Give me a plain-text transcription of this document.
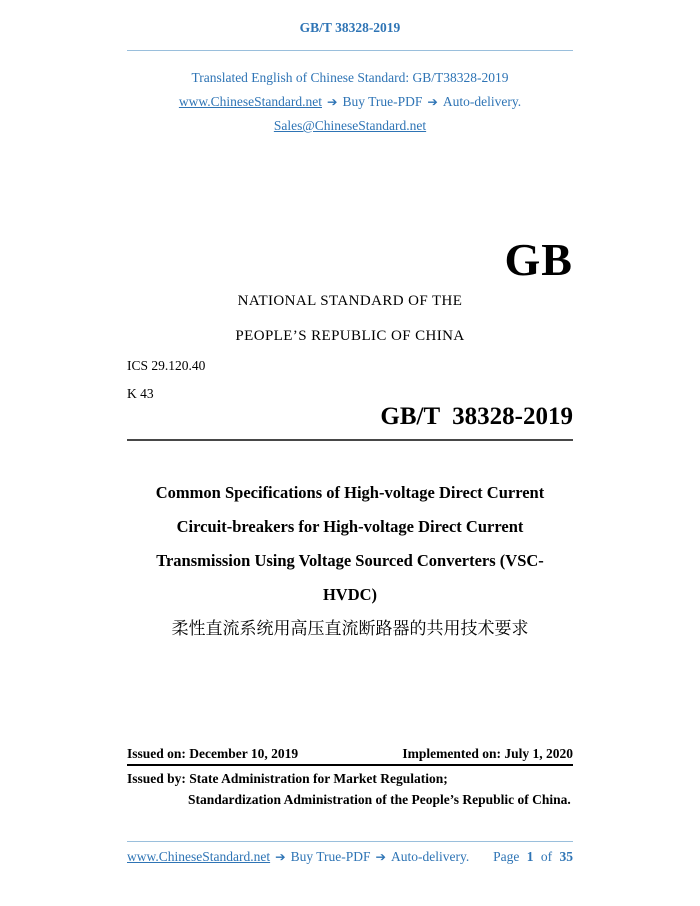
GB/T 38328-2019
Translated English of Chinese Standard: GB/T38328-2019
www.ChineseStandard.net ➔ Buy True-PDF ➔ Auto-delivery.
Sales@ChineseStandard.net
GB
NATIONAL STANDARD OF THE
PEOPLE’S REPUBLIC OF CHINA
ICS 29.120.40
K 43
GB/T  38328-2019
Common Specifications of High-voltage Direct Current
Circuit-breakers for High-voltage Direct Current
Transmission Using Voltage Sourced Converters (VSC-
HVDC)
柔性直流系统用高压直流断路器的共用技术要求
Issued on: December 10, 2019	Implemented on: July 1, 2020
Issued by: State Administration for Market Regulation;
Standardization Administration of the People’s Republic of China.
www.ChineseStandard.net ➔ Buy True-PDF ➔ Auto-delivery. Page 1 of 35
